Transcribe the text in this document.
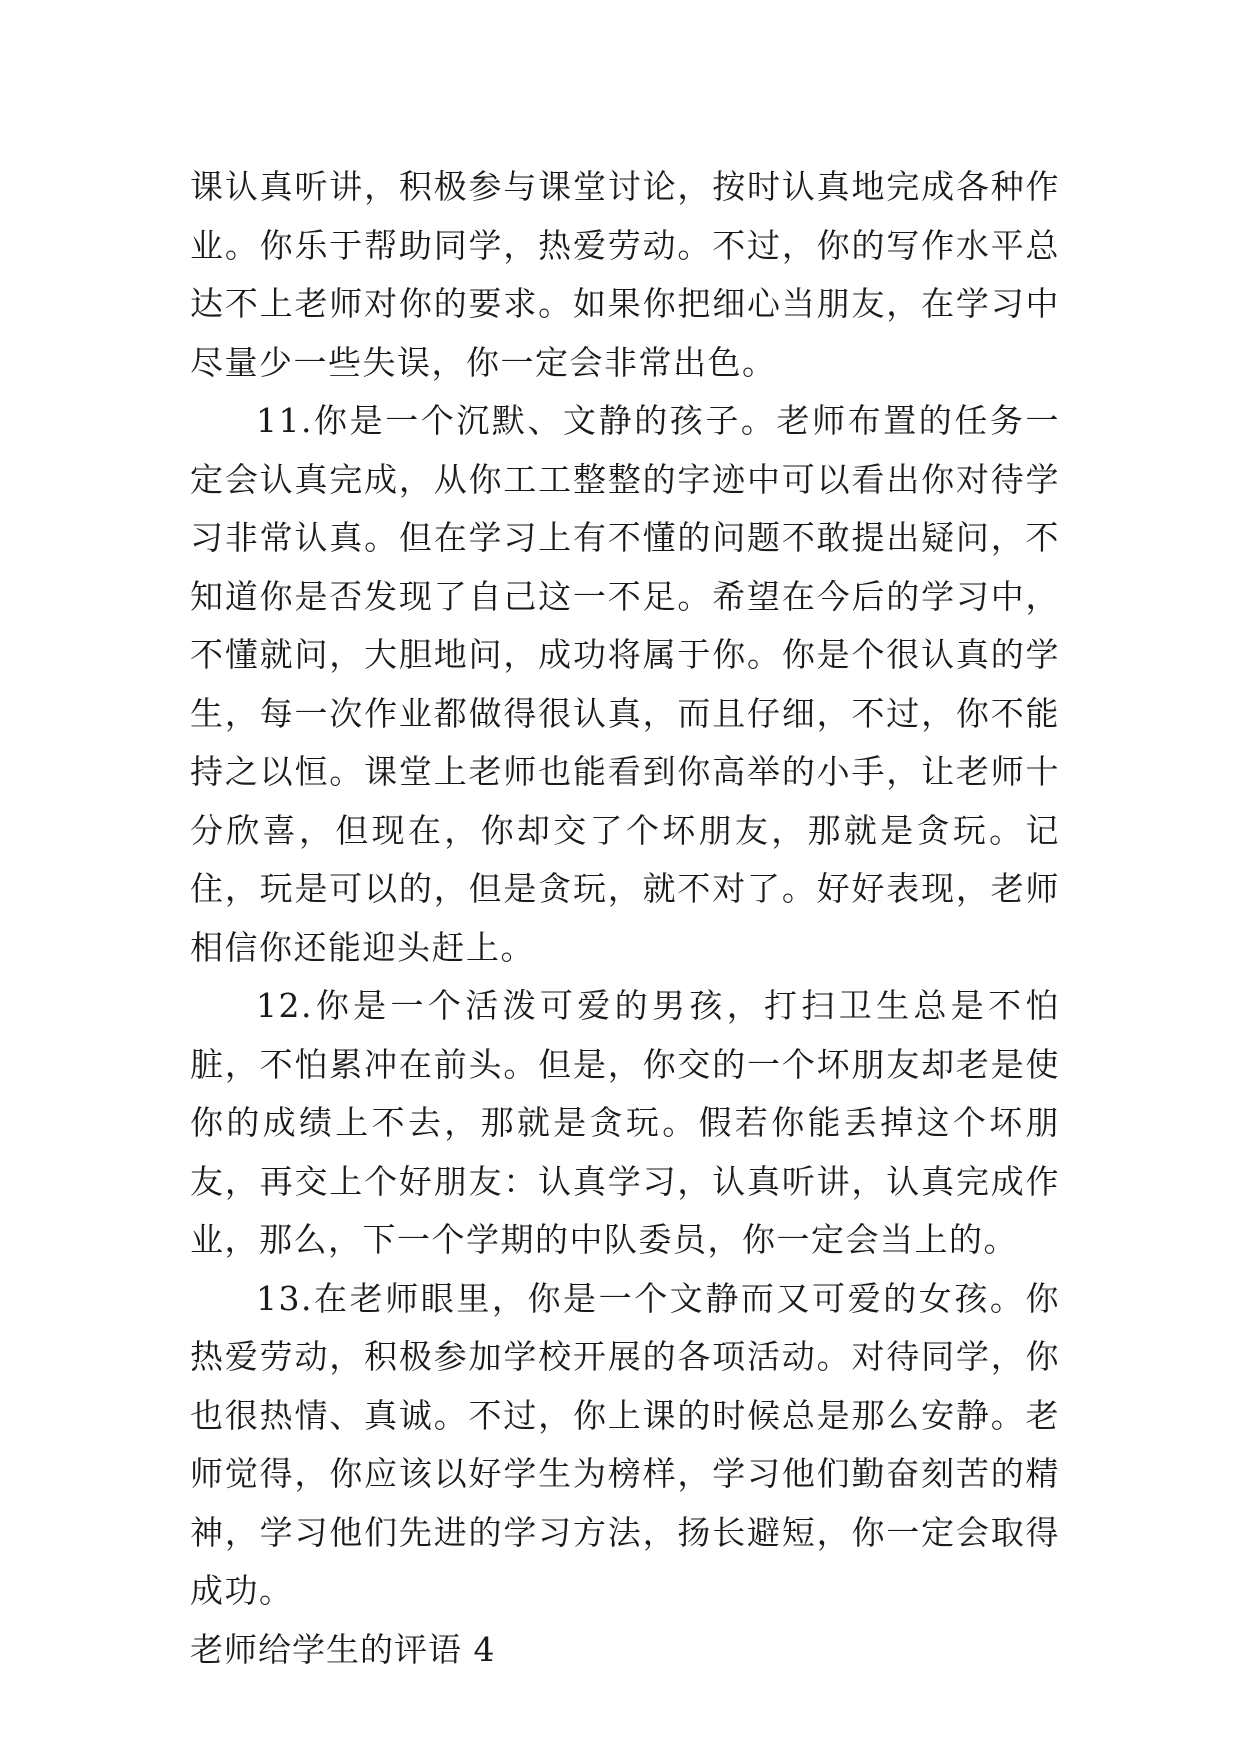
课认真听讲，积极参与课堂讨论，按时认真地完成各种作业。你乐于帮助同学，热爱劳动。不过，你的写作水平总达不上老师对你的要求。如果你把细心当朋友，在学习中尽量少一些失误，你一定会非常出色。

11.你是一个沉默、文静的孩子。老师布置的任务一定会认真完成，从你工工整整的字迹中可以看出你对待学习非常认真。但在学习上有不懂的问题不敢提出疑问，不知道你是否发现了自己这一不足。希望在今后的学习中，不懂就问，大胆地问，成功将属于你。你是个很认真的学生，每一次作业都做得很认真，而且仔细，不过，你不能持之以恒。课堂上老师也能看到你高举的小手，让老师十分欣喜，但现在，你却交了个坏朋友，那就是贪玩。记住，玩是可以的，但是贪玩，就不对了。好好表现，老师相信你还能迎头赶上。

12.你是一个活泼可爱的男孩，打扫卫生总是不怕脏，不怕累冲在前头。但是，你交的一个坏朋友却老是使你的成绩上不去，那就是贪玩。假若你能丢掉这个坏朋友，再交上个好朋友：认真学习，认真听讲，认真完成作业，那么，下一个学期的中队委员，你一定会当上的。

13.在老师眼里，你是一个文静而又可爱的女孩。你热爱劳动，积极参加学校开展的各项活动。对待同学，你也很热情、真诚。不过，你上课的时候总是那么安静。老师觉得，你应该以好学生为榜样，学习他们勤奋刻苦的精神，学习他们先进的学习方法，扬长避短，你一定会取得成功。

老师给学生的评语 4
